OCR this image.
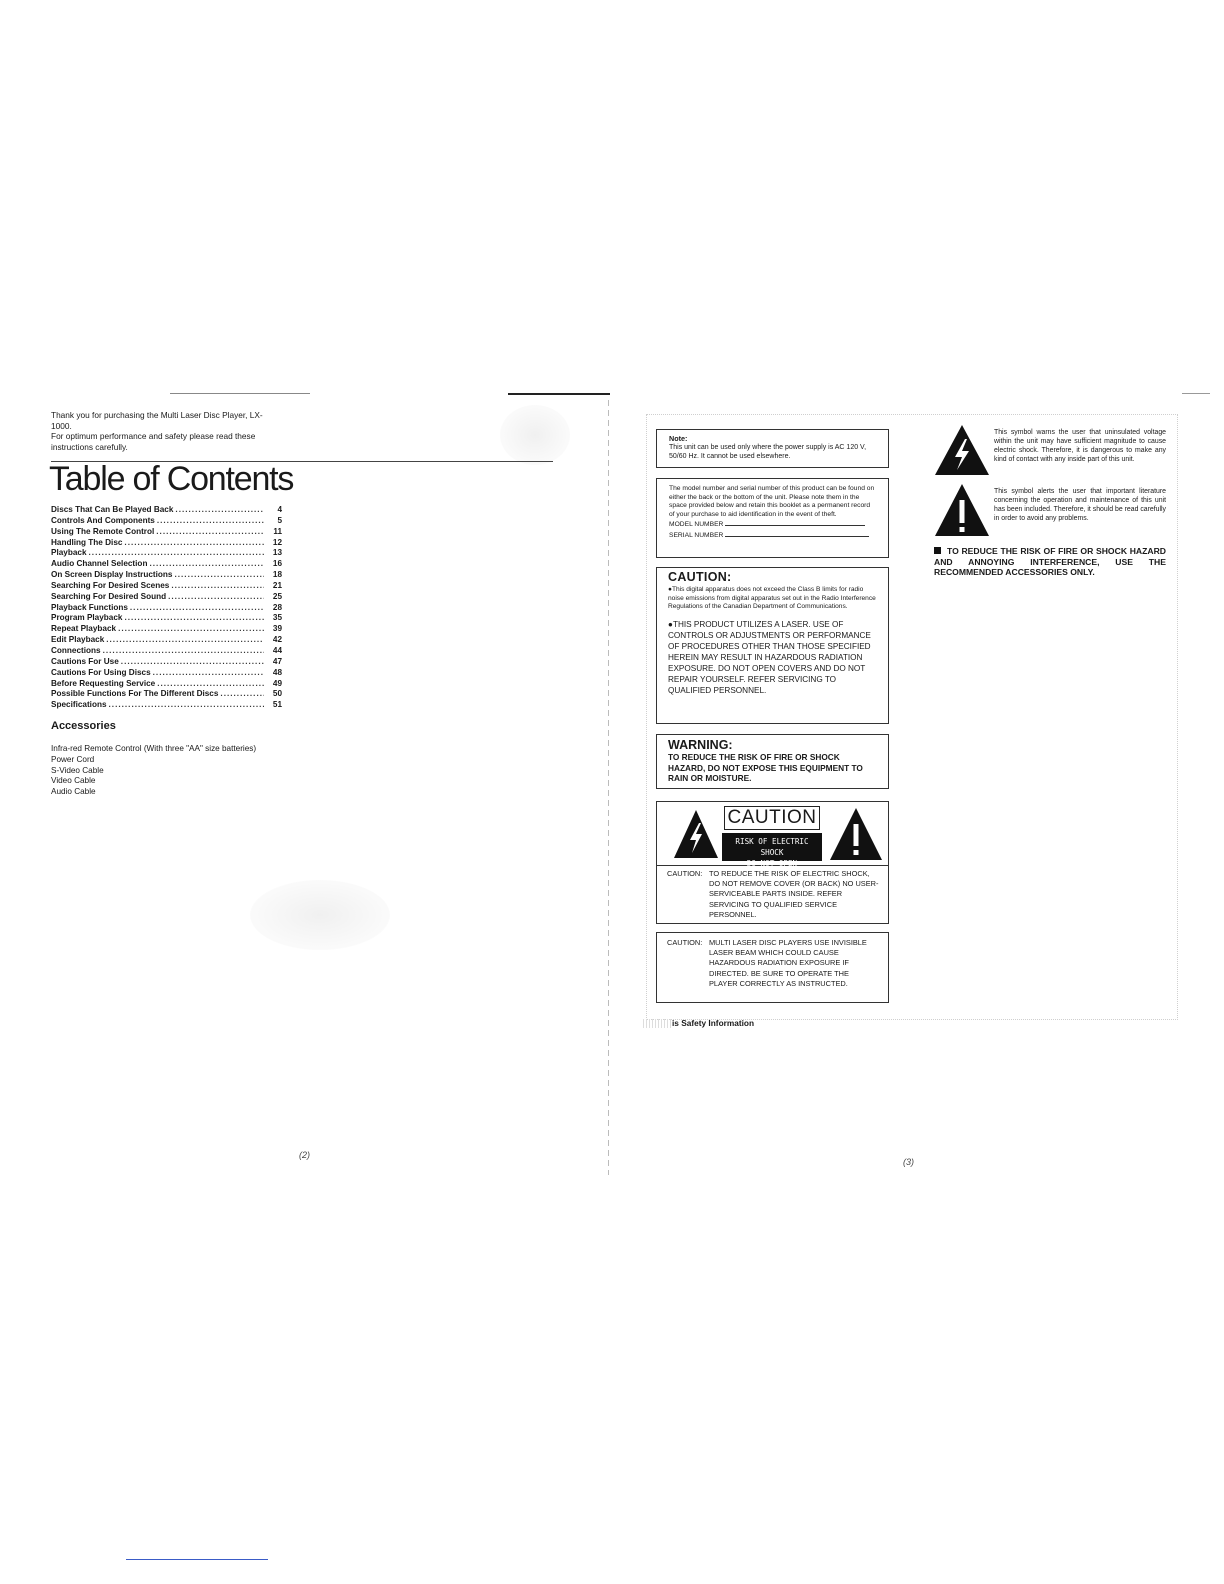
Thank you for purchasing the Multi Laser Disc Player, LX-1000.

For optimum performance and safety please read these instructions carefully.

Table of Contents
Discs That Can Be Played Back .....	4
Controls And Components .....	5
Using The Remote Control .....	11
Handling The Disc .....	12
Playback .....	13
Audio Channel Selection .....	16
On Screen Display Instructions .....	18
Searching For Desired Scenes .....	21
Searching For Desired Sound .....	25
Playback Functions .....	28
Program Playback .....	35
Repeat Playback .....	39
Edit Playback .....	42
Connections .....	44
Cautions For Use .....	47
Cautions For Using Discs .....	48
Before Requesting Service .....	49
Possible Functions For The Different Discs .....	50
Specifications .....	51
Accessories
Infra-red Remote Control (With three "AA" size batteries)
Power Cord
S-Video Cable
Video Cable
Audio Cable
(2)
Note:
This unit can be used only where the power supply is AC 120 V, 50/60 Hz. It cannot be used elsewhere.
The model number and serial number of this product can be found on either the back or the bottom of the unit. Please note them in the space provided below and retain this booklet as a permanent record of your purchase to aid identification in the event of theft.
MODEL NUMBER
SERIAL NUMBER
CAUTION:
●This digital apparatus does not exceed the Class B limits for radio noise emissions from digital apparatus set out in the Radio Interference Regulations of the Canadian Department of Communications.
●THIS PRODUCT UTILIZES A LASER. USE OF CONTROLS OR ADJUSTMENTS OR PERFORMANCE OF PROCEDURES OTHER THAN THOSE SPECIFIED HEREIN MAY RESULT IN HAZARDOUS RADIATION EXPOSURE. DO NOT OPEN COVERS AND DO NOT REPAIR YOURSELF. REFER SERVICING TO QUALIFIED PERSONNEL.
WARNING:
TO REDUCE THE RISK OF FIRE OR SHOCK HAZARD, DO NOT EXPOSE THIS EQUIPMENT TO RAIN OR MOISTURE.
CAUTION
RISK OF ELECTRIC SHOCK
DO NOT OPEN
CAUTION: TO REDUCE THE RISK OF ELECTRIC SHOCK, DO NOT REMOVE COVER (OR BACK) NO USER-SERVICEABLE PARTS INSIDE. REFER SERVICING TO QUALIFIED SERVICE PERSONNEL.
CAUTION: MULTI LASER DISC PLAYERS USE INVISIBLE LASER BEAM WHICH COULD CAUSE HAZARDOUS RADIATION EXPOSURE IF DIRECTED. BE SURE TO OPERATE THE PLAYER CORRECTLY AS INSTRUCTED.
is Safety Information
This symbol warns the user that uninsulated voltage within the unit may have sufficient magnitude to cause electric shock. Therefore, it is dangerous to make any kind of contact with any inside part of this unit.
This symbol alerts the user that important literature concerning the operation and maintenance of this unit has been included. Therefore, it should be read carefully in order to avoid any problems.
TO REDUCE THE RISK OF FIRE OR SHOCK HAZARD AND ANNOYING INTERFERENCE, USE THE RECOMMENDED ACCESSORIES ONLY.
(3)
